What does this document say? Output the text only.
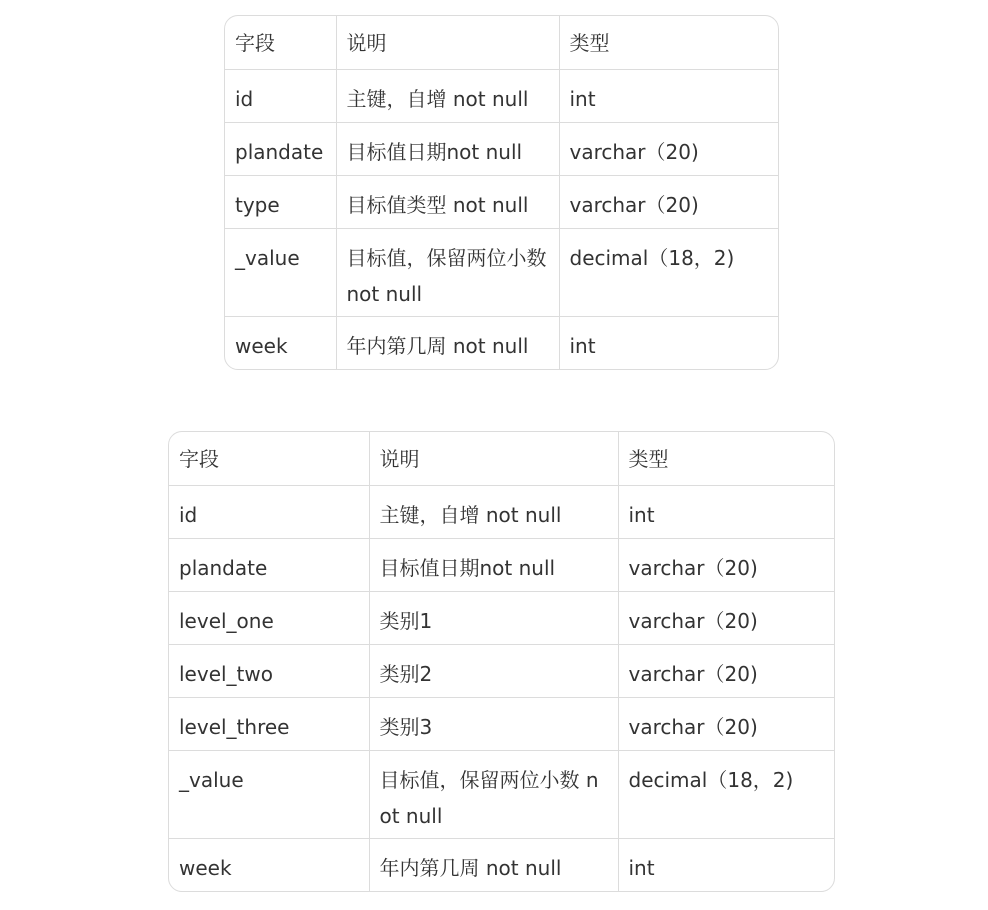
字段	说明	类型
id	主键，自增 not null	int
plandate	目标值日期not null	varchar（20)
type	目标值类型 not null	varchar（20)
_value	目标值，保留两位小数 not null	decimal（18，2)
week	年内第几周 not null	int
字段	说明	类型
id	主键，自增 not null	int
plandate	目标值日期not null	varchar（20)
level_one	类别1	varchar（20)
level_two	类别2	varchar（20)
level_three	类别3	varchar（20)
_value	目标值，保留两位小数 not null	decimal（18，2)
week	年内第几周 not null	int
